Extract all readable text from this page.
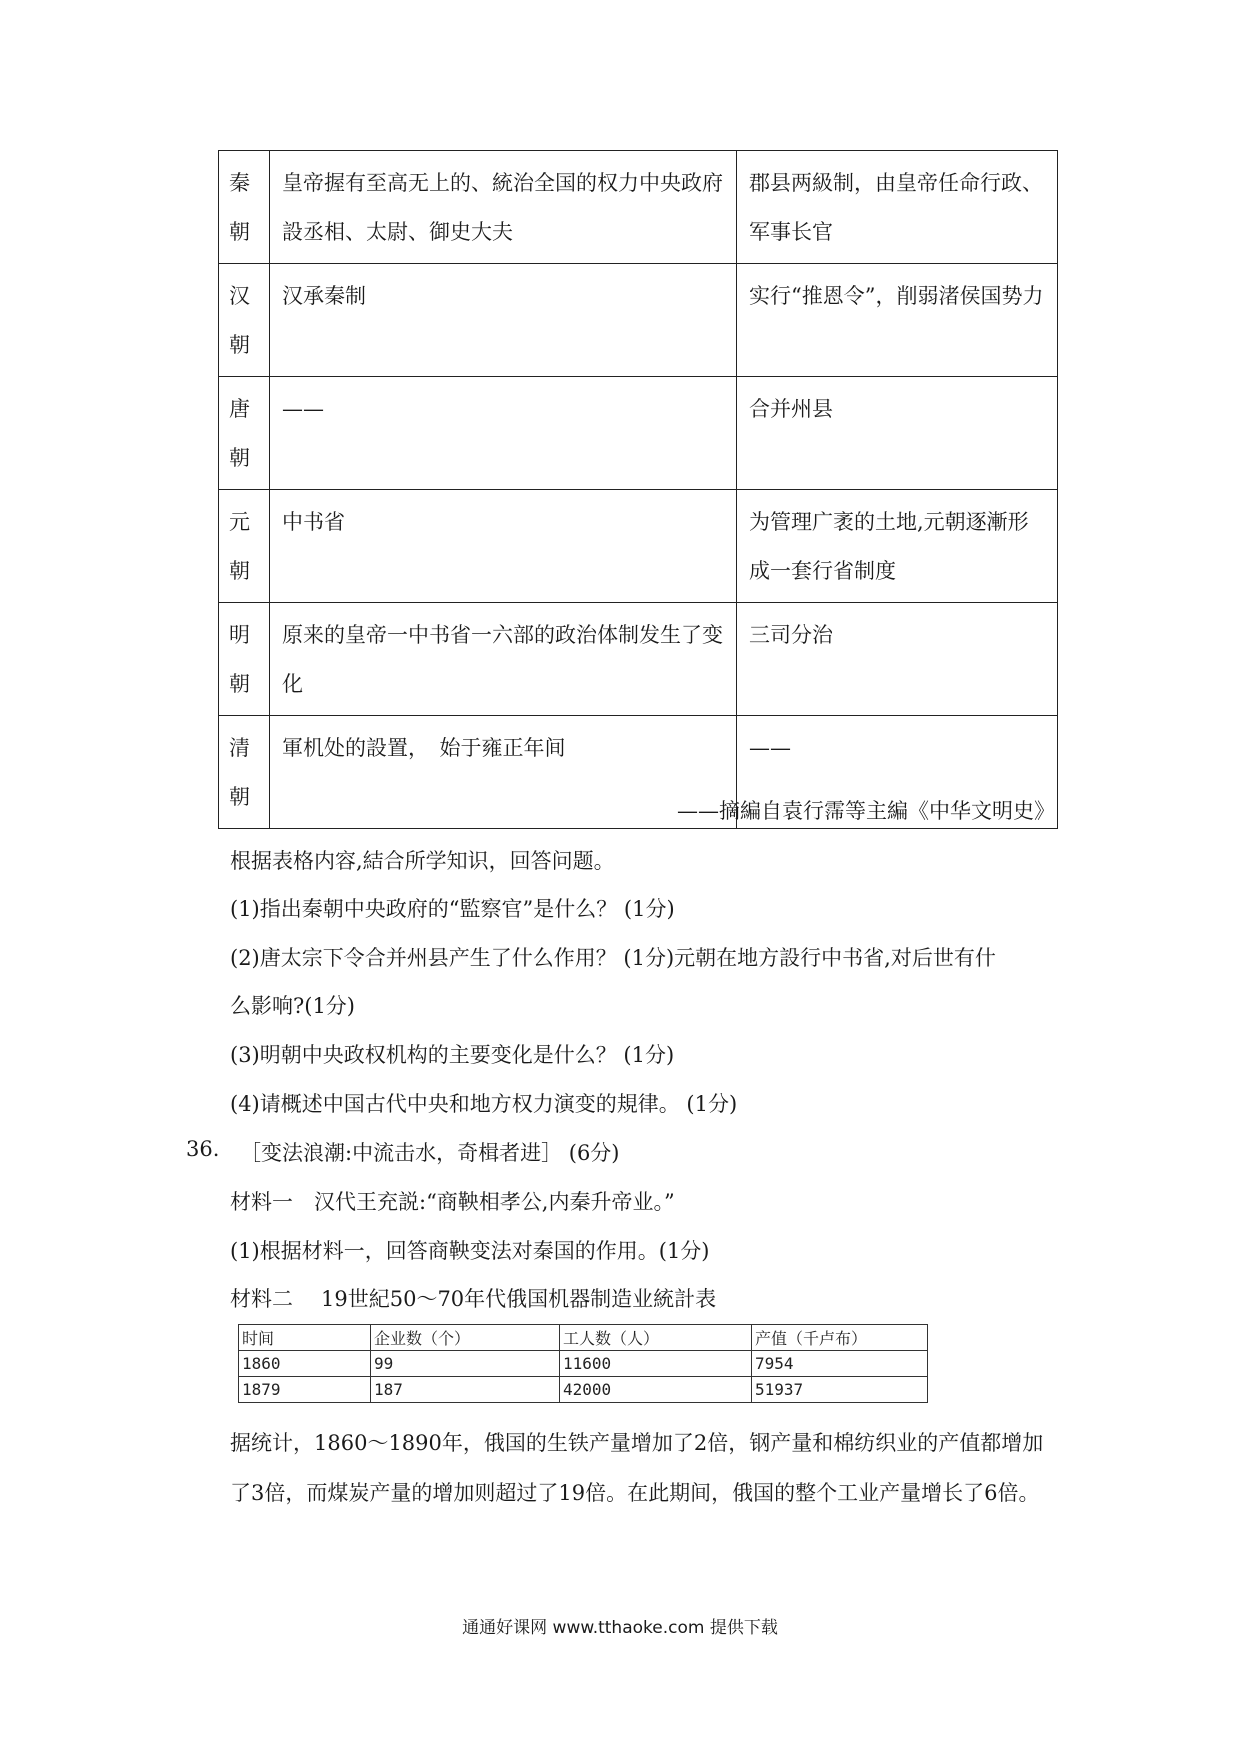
秦
朝	皇帝握有至高无上的、統治全国的权力中央政府設丞相、太尉、御史大夫	郡县两級制，由皇帝任命行政、军事长官

汉
朝	汉承秦制	实行“推恩令”，削弱渚侯国势力

唐
朝	——	合并州县

元
朝	中书省	为管理广袤的土地,元朝逐漸形成一套行省制度

明
朝	原来的皇帝一中书省一六部的政治体制发生了变化	三司分治

清
朝	軍机处的設置，　始于雍正年间	——
——摘編自袁行霈等主編《中华文明史》
根据表格内容,結合所学知识，回答问题。
(1)指出秦朝中央政府的“監察官”是什么？ (1分)
(2)唐太宗下令合并州县产生了什么作用？ (1分)元朝在地方設行中书省,对后世有什
么影响?(1分)
(3)明朝中央政权机构的主要变化是什么？ (1分)
(4)请概述中国古代中央和地方权力演变的規律。 (1分)
36. ［变法浪潮:中流击水，奇楫者进］ (6分)
材料一　汉代王充説:“商鞅相孝公,内秦升帝业。”
(1)根据材料一，回答商鞅变法对秦国的作用。(1分)
材料二 19世紀50～70年代俄国机器制造业統計表
时间	企业数（个）	工人数（人）	产值（千卢布）
1860	99	11600	7954
1879	187	42000	51937
据统计，1860～1890年，俄国的生铁产量增加了2倍，钢产量和棉纺织业的产值都增加了3倍，而煤炭产量的增加则超过了19倍。在此期间，俄国的整个工业产量增长了6倍。
通通好课网 www.tthaoke.com 提供下载
